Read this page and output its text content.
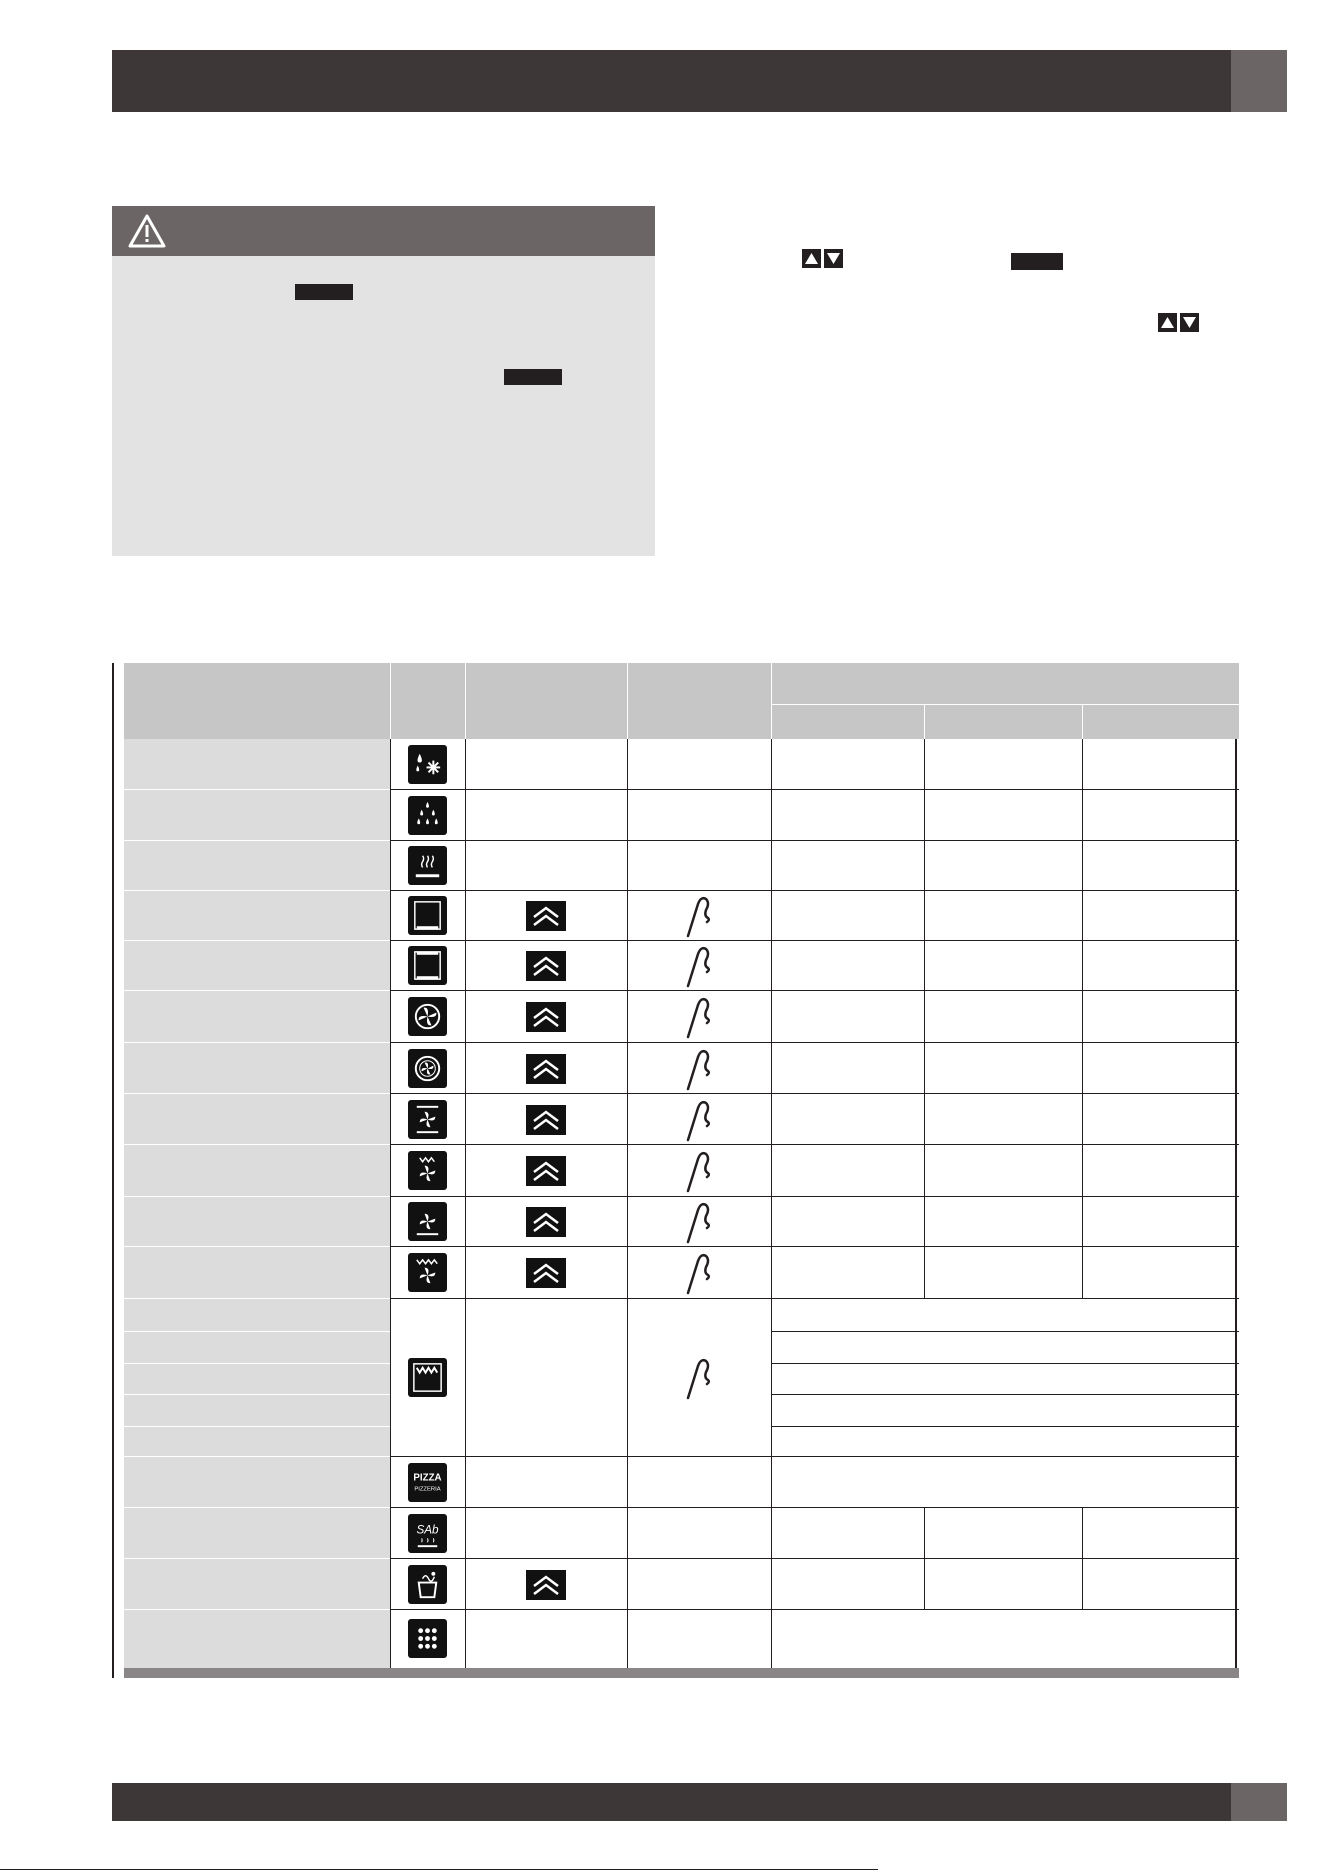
PIZZA
PIZZERIA
SAb
